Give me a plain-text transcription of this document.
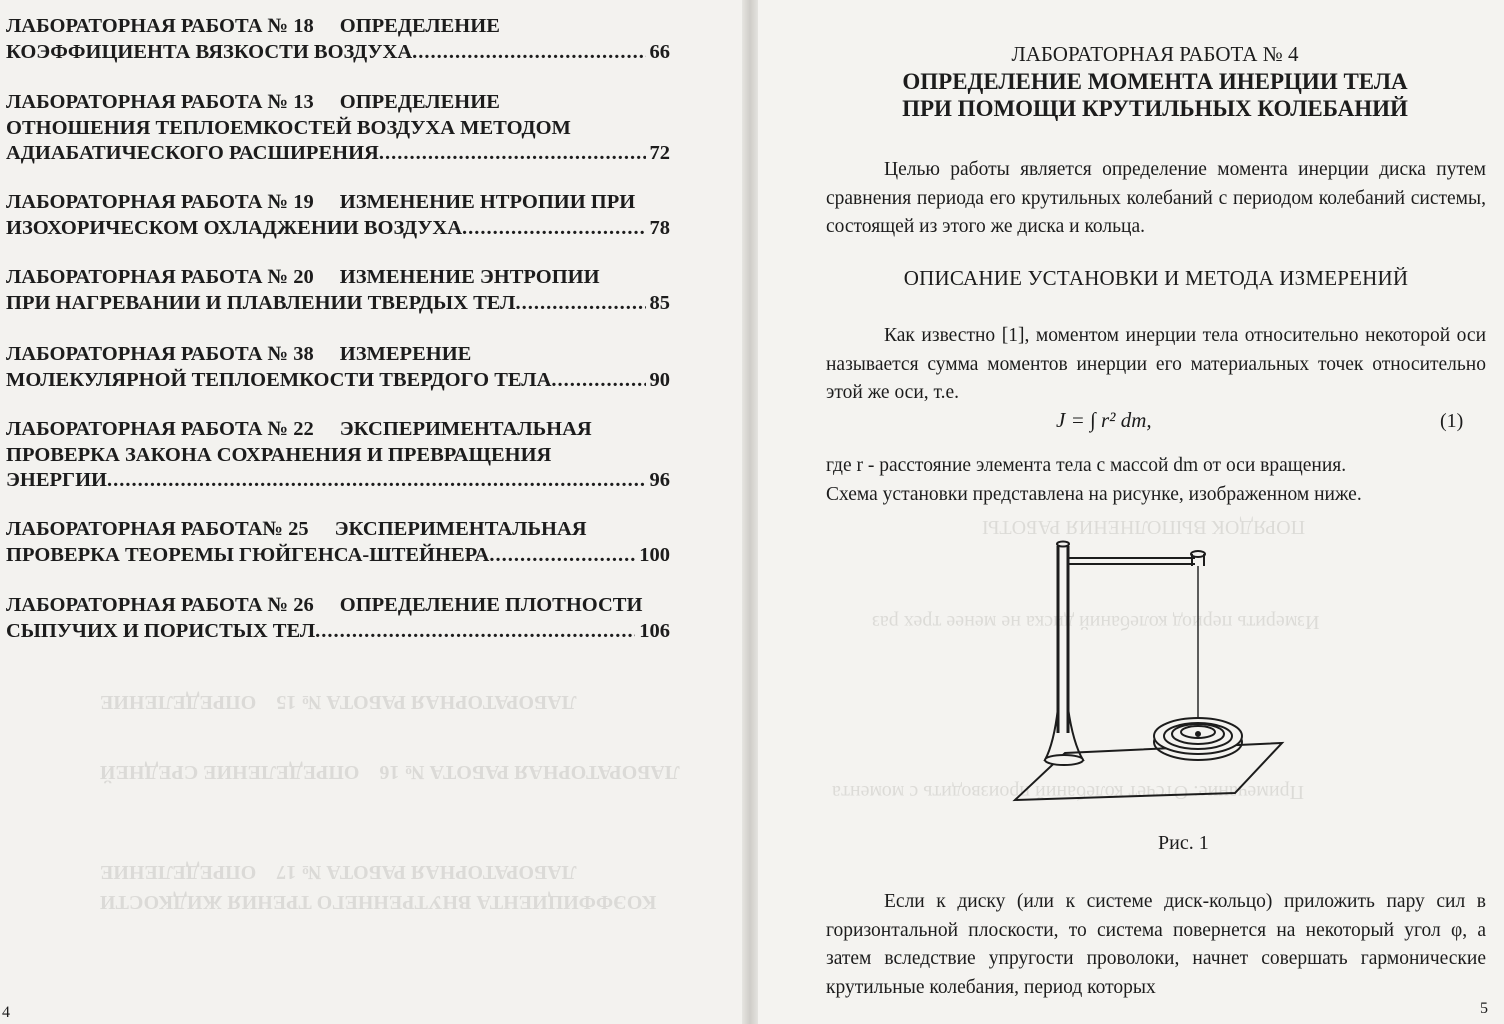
ЛАБОРАТОРНАЯ РАБОТА № 15    ОПРЕДЕЛЕНИЕ
ЛАБОРАТОРНАЯ РАБОТА № 16    ОПРЕДЕЛЕНИЕ СРЕДНЕЙ
ЛАБОРАТОРНАЯ РАБОТА № 17    ОПРЕДЕЛЕНИЕ
КОЭФФИЦИЕНТА ВНУТРЕННЕГО ТРЕНИЯ ЖИДКОСТИ
Измерить период колебаний диска не менее трех раз
ПОРЯДОК ВЫПОЛНЕНИЯ РАБОТЫ
Примечание: Отсчет колебаний производить с момента
ЛАБОРАТОРНАЯ РАБОТА № 18 ОПРЕДЕЛЕНИЕ
КОЭФФИЦИЕНТА ВЯЗКОСТИ ВОЗДУХА .....	66
ЛАБОРАТОРНАЯ РАБОТА № 13 ОПРЕДЕЛЕНИЕ
ОТНОШЕНИЯ ТЕПЛОЕМКОСТЕЙ ВОЗДУХА МЕТОДОМ
АДИАБАТИЧЕСКОГО РАСШИРЕНИЯ .....	72
ЛАБОРАТОРНАЯ РАБОТА № 19 ИЗМЕНЕНИЕ НТРОПИИ ПРИ
ИЗОХОРИЧЕСКОМ ОХЛАДЖЕНИИ ВОЗДУХА .....	78
ЛАБОРАТОРНАЯ РАБОТА № 20 ИЗМЕНЕНИЕ ЭНТРОПИИ
ПРИ НАГРЕВАНИИ И ПЛАВЛЕНИИ ТВЕРДЫХ ТЕЛ .....	85
ЛАБОРАТОРНАЯ РАБОТА № 38 ИЗМЕРЕНИЕ
МОЛЕКУЛЯРНОЙ ТЕПЛОЕМКОСТИ ТВЕРДОГО ТЕЛА .....	90
ЛАБОРАТОРНАЯ РАБОТА № 22 ЭКСПЕРИМЕНТАЛЬНАЯ
ПРОВЕРКА ЗАКОНА СОХРАНЕНИЯ И ПРЕВРАЩЕНИЯ
ЭНЕРГИИ .....	96
ЛАБОРАТОРНАЯ РАБОТА№ 25 ЭКСПЕРИМЕНТАЛЬНАЯ
ПРОВЕРКА ТЕОРЕМЫ ГЮЙГЕНСА-ШТЕЙНЕРА .....	100
ЛАБОРАТОРНАЯ РАБОТА № 26 ОПРЕДЕЛЕНИЕ ПЛОТНОСТИ
СЫПУЧИХ И ПОРИСТЫХ ТЕЛ .....	106
4
ЛАБОРАТОРНАЯ РАБОТА № 4
ОПРЕДЕЛЕНИЕ МОМЕНТА ИНЕРЦИИ ТЕЛА
ПРИ ПОМОЩИ КРУТИЛЬНЫХ КОЛЕБАНИЙ
Целью работы является определение момента инерции диска путем сравнения периода его крутильных колебаний с периодом колебаний системы, состоящей из этого же диска и кольца.
ОПИСАНИЕ УСТАНОВКИ И МЕТОДА ИЗМЕРЕНИЙ
Как известно [1], моментом инерции тела относительно некоторой оси называется сумма моментов инерции его материальных точек относительно этой же оси, т.е.
J = ∫ r² dm,	(1)
где r - расстояние элемента тела с массой dm от оси вращения.
Схема установки представлена на рисунке, изображенном ниже.
Рис. 1
Если к диску (или к системе диск-кольцо) приложить пару сил в горизонтальной плоскости, то система повернется на некоторый угол φ, а затем вследствие упругости проволоки, начнет совершать гармонические крутильные колебания, период которых
5
